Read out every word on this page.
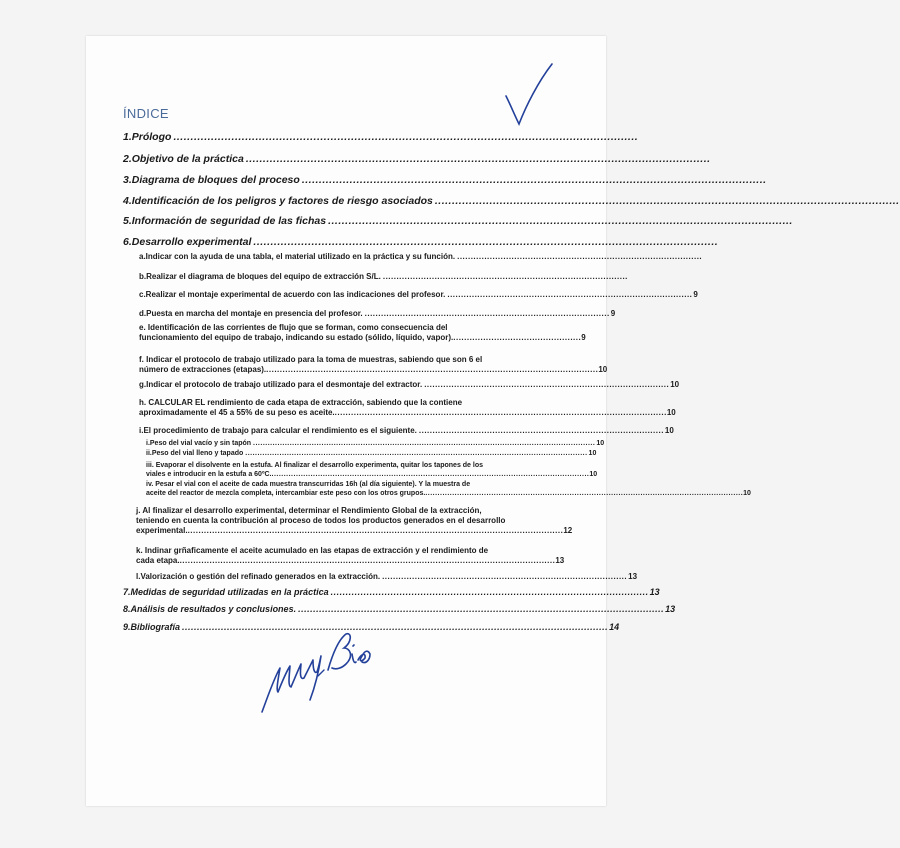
ÍNDICE
1. Prólogo ........................................................................................................................................
2. Objetivo de la práctica ........................................................................................................................................
3. Diagrama de bloques del proceso ........................................................................................................................................
4. Identificación de los peligros y factores de riesgo asociados ........................................................................................................................................
5. Información de seguridad de las fichas ........................................................................................................................................
6. Desarrollo experimental ........................................................................................................................................
a. Indicar con la ayuda de una tabla, el material utilizado en la práctica y su función. ..........................................................................................
b. Realizar el diagrama de bloques del equipo de extracción S/L. ..........................................................................................
c. Realizar el montaje experimental de acuerdo con las indicaciones del profesor. .......................................................................................... 9
d. Puesta en marcha del montaje en presencia del profesor. .......................................................................................... 9
e. Identificación de las corrientes de flujo que se forman, como consecuencia del
funcionamiento del equipo de trabajo, indicando su estado (sólido, líquido, vapor). ............................................... 9
f. Indicar el protocolo de trabajo utilizado para la toma de muestras, sabiendo que son 6 el
número de extracciones (etapas). .......................................................................................................................... 10
g. Indicar el protocolo de trabajo utilizado para el desmontaje del extractor. .......................................................................................... 10
h. CALCULAR EL rendimiento de cada etapa de extracción, sabiendo que la contiene
aproximadamente el 45 a 55% de su peso es aceite. .......................................................................................................................... 10
i. El procedimiento de trabajo para calcular el rendimiento es el siguiente. .......................................................................................... 10
i. Peso del vial vacío y sin tapón ............................................................................................................................................ 10
ii. Peso del vial lleno y tapado ............................................................................................................................................ 10
iii. Evaporar el disolvente en la estufa. Al finalizar el desarrollo experimenta, quitar los tapones de los
viales e introducir en la estufa a 60ºC. .................................................................................................................................. 10
iv. Pesar el vial con el aceite de cada muestra transcurridas 16h (al día siguiente). Y la muestra de
aceite del reactor de mezcla completa, intercambiar este peso con los otros grupos. .................................................................................................................................. 10
j. Al finalizar el desarrollo experimental, determinar el Rendimiento Global de la extracción,
teniendo en cuenta la contribución al proceso de todos los productos generados en el desarrollo
experimental. .......................................................................................................................................... 12
k. Indinar grñaficamente el aceite acumulado en las etapas de extracción y el rendimiento de
cada etapa. .......................................................................................................................................... 13
l. Valorización o gestión del refinado generados en la extracción. .......................................................................................... 13
7. Medidas de seguridad utilizadas en la práctica .......................................................................................................... 13
8. Análisis de resultados y conclusiones. .......................................................................................................................... 13
9. Bibliografía .............................................................................................................................................. 14
